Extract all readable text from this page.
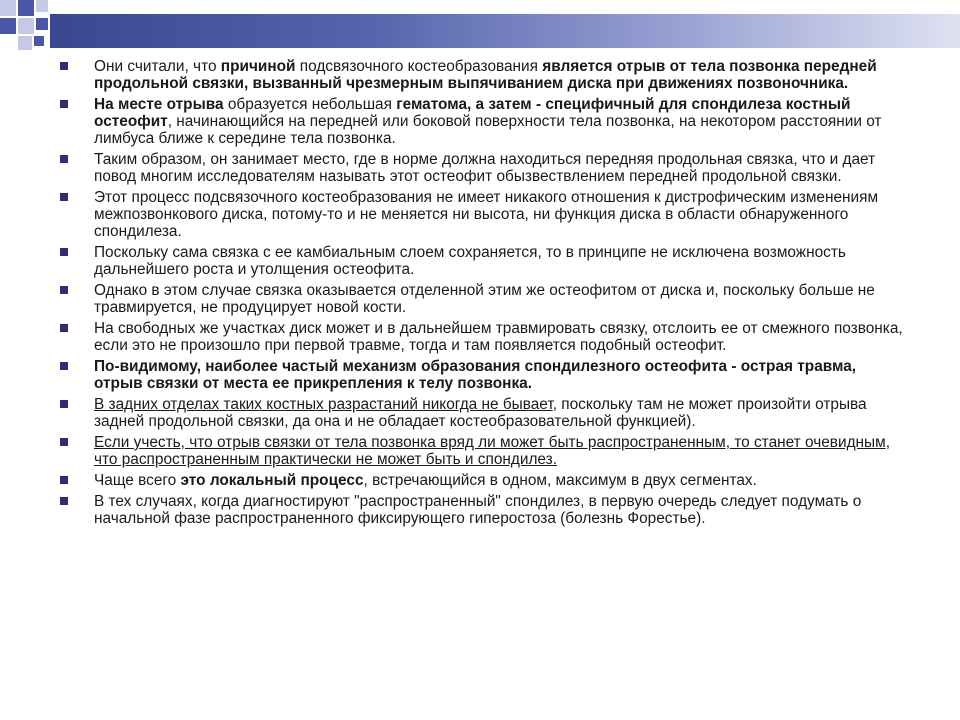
Они считали, что причиной подсвязочного костеобразования является отрыв от тела позвонка передней продольной связки, вызванный чрезмерным выпячиванием диска при движениях позвоночника.
На месте отрыва образуется небольшая гематома, а затем - специфичный для спондилеза костный остеофит, начинающийся на передней или боковой поверхности тела позвонка, на некотором расстоянии от лимбуса ближе к середине тела позвонка.
Таким образом, он занимает место, где в норме должна находиться передняя продольная связка, что и дает повод многим исследователям называть этот остеофит обызвествлением передней продольной связки.
Этот процесс подсвязочного костеобразования не имеет никакого отношения к дистрофическим изменениям межпозвонкового диска, потому-то и не меняется ни высота, ни функция диска в области обнаруженного спондилеза.
Поскольку сама связка с ее камбиальным слоем сохраняется, то в принципе не исключена возможность дальнейшего роста и утолщения остеофита.
Однако в этом случае связка оказывается отделенной этим же остеофитом от диска и, поскольку больше не травмируется, не продуцирует новой кости.
На свободных же участках диск может и в дальнейшем травмировать связку, отслоить ее от смежного позвонка, если это не произошло при первой травме, тогда и там появляется подобный остеофит.
По-видимому, наиболее частый механизм образования спондилезного остеофита - острая травма, отрыв связки от места ее прикрепления к телу позвонка.
В задних отделах таких костных разрастаний никогда не бывает, поскольку там не может произойти отрыва задней продольной связки, да она и не обладает костеобразовательной функцией).
Если учесть, что отрыв связки от тела позвонка вряд ли может быть распространенным, то станет очевидным, что распространенным практически не может быть и спондилез.
Чаще всего это локальный процесс, встречающийся в одном, максимум в двух сегментах.
В тех случаях, когда диагностируют "распространенный" спондилез, в первую очередь следует подумать о начальной фазе распространенного фиксирующего гиперостоза (болезнь Форестье).
